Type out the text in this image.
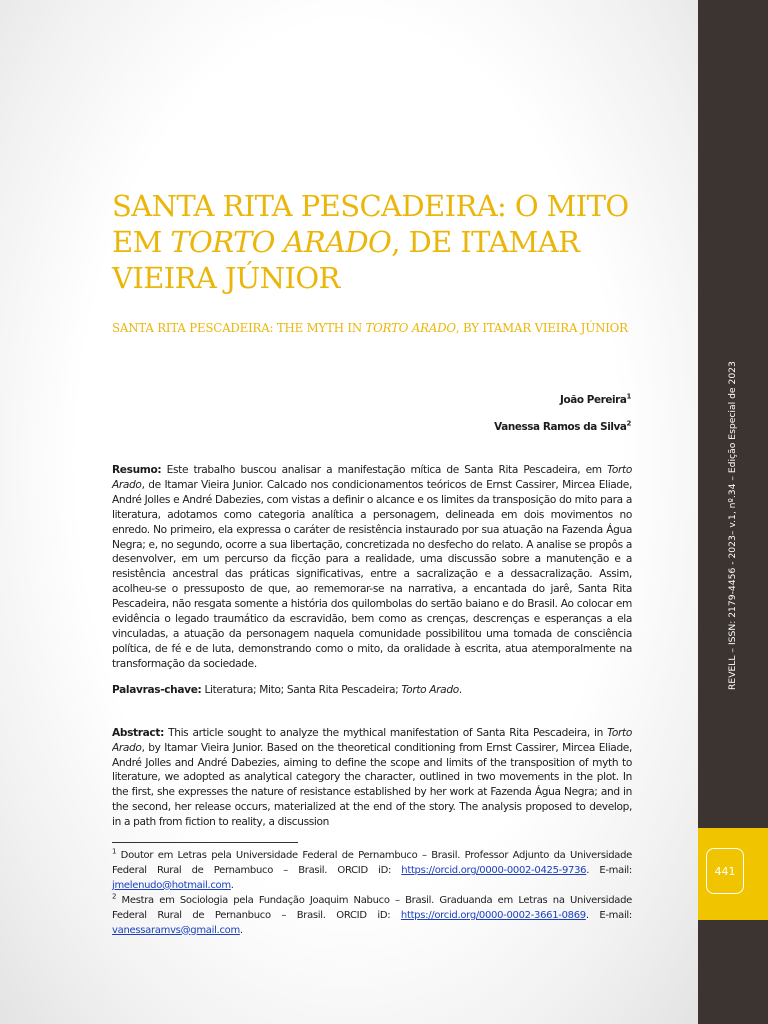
REVELL – ISSN: 2179-4456 - 2023– v.1, nº.34 – Edição Especial de 2023
441
SANTA RITA PESCADEIRA: O MITO EM TORTO ARADO, DE ITAMAR VIEIRA JÚNIOR
SANTA RITA PESCADEIRA: THE MYTH IN TORTO ARADO, BY ITAMAR VIEIRA JÚNIOR
João Pereira$^1$
Vanessa Ramos da Silva$^2$

Resumo: Este trabalho buscou analisar a manifestação mítica de Santa Rita Pescadeira, em Torto Arado, de Itamar Vieira Junior. Calcado nos condicionamentos teóricos de Ernst Cassirer, Mircea Eliade, André Jolles e André Dabezies, com vistas a definir o alcance e os limites da transposição do mito para a literatura, adotamos como categoria analítica a personagem, delineada em dois movimentos no enredo. No primeiro, ela expressa o caráter de resistência instaurado por sua atuação na Fazenda Água Negra; e, no segundo, ocorre a sua libertação, concretizada no desfecho do relato. A analise se propôs a desenvolver, em um percurso da ficção para a realidade, uma discussão sobre a manutenção e a resistência ancestral das práticas significativas, entre a sacralização e a dessacralização. Assim, acolheu-se o pressuposto de que, ao rememorar-se na narrativa, a encantada do jarê, Santa Rita Pescadeira, não resgata somente a história dos quilombolas do sertão baiano e do Brasil. Ao colocar em evidência o legado traumático da escravidão, bem como as crenças, descrenças e esperanças a ela vinculadas, a atuação da personagem naquela comunidade possibilitou uma tomada de consciência política, de fé e de luta, demonstrando como o mito, da oralidade à escrita, atua atemporalmente na transformação da sociedade.

Palavras-chave: Literatura; Mito; Santa Rita Pescadeira; Torto Arado.

Abstract: This article sought to analyze the mythical manifestation of Santa Rita Pescadeira, in Torto Arado, by Itamar Vieira Junior. Based on the theoretical conditioning from Ernst Cassirer, Mircea Eliade, André Jolles and André Dabezies, aiming to define the scope and limits of the transposition of myth to literature, we adopted as analytical category the character, outlined in two movements in the plot. In the first, she expresses the nature of resistance established by her work at Fazenda Água Negra; and in the second, her release occurs, materialized at the end of the story. The analysis proposed to develop, in a path from fiction to reality, a discussion

$^1$ Doutor em Letras pela Universidade Federal de Pernambuco – Brasil. Professor Adjunto da Universidade Federal Rural de Pernambuco – Brasil. ORCID iD: https://orcid.org/0000-0002-0425-9736. E-mail: jmelenudo@hotmail.com.

$^2$ Mestra em Sociologia pela Fundação Joaquim Nabuco – Brasil. Graduanda em Letras na Universidade Federal Rural de Pernanbuco – Brasil. ORCID iD: https://orcid.org/0000-0002-3661-0869. E-mail: vanessaramvs@gmail.com.
